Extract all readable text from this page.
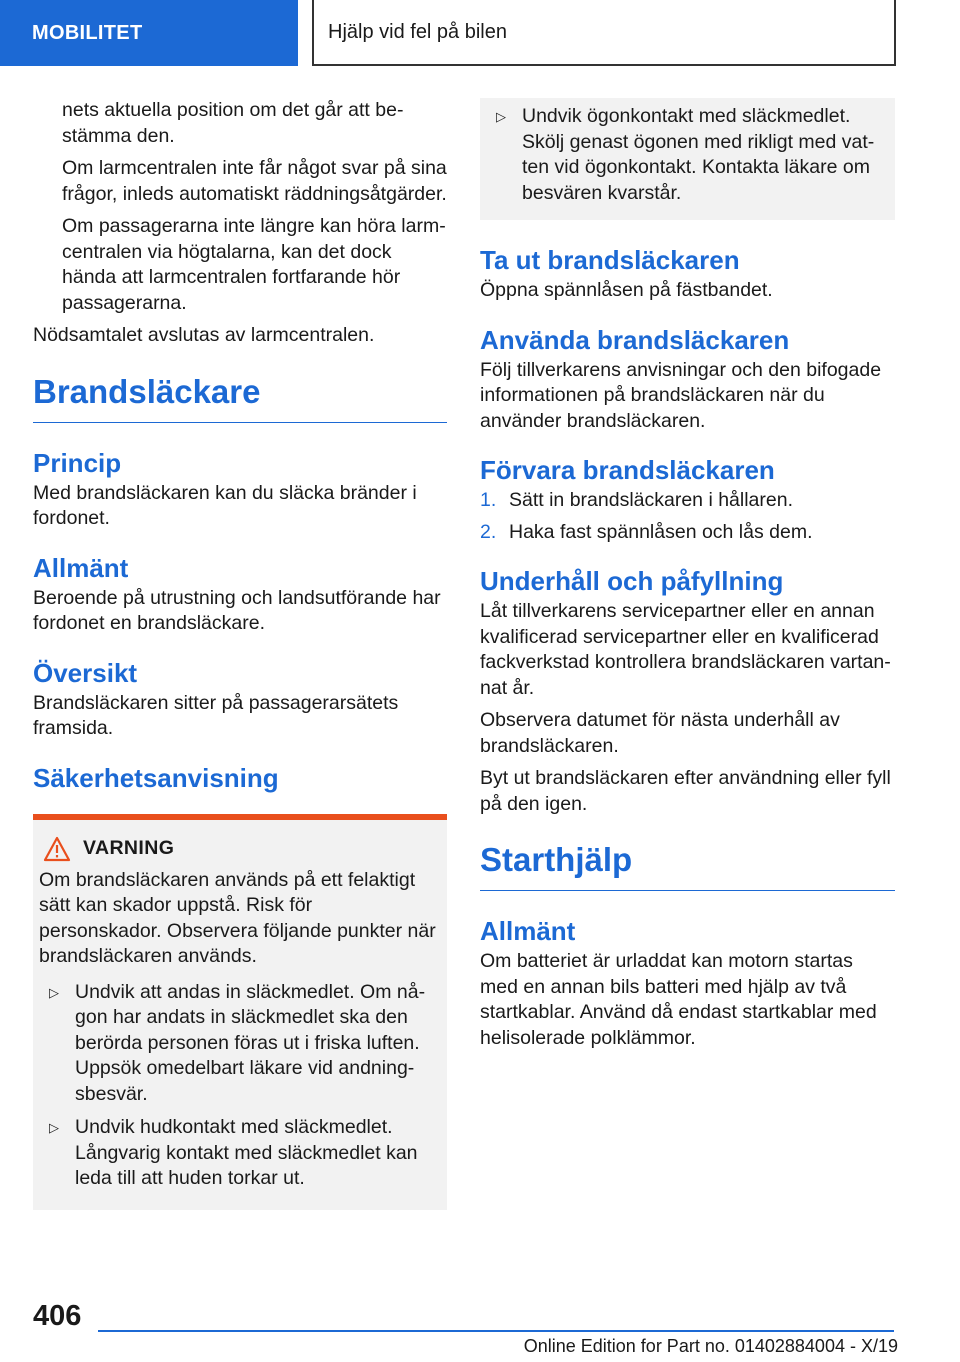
MOBILITET	Hjälp vid fel på bilen

nets aktuella position om det går att bestämma den.

Om larmcentralen inte får något svar på sina frågor, inleds automatiskt räddningsåtgärder.

Om passagerarna inte längre kan höra larmcentralen via högtalarna, kan det dock hända att larmcentralen fortfarande hör passagerarna.

Nödsamtalet avslutas av larmcentralen.

Brandsläckare
Princip

Med brandsläckaren kan du släcka bränder i fordonet.

Allmänt

Beroende på utrustning och landsutförande har fordonet en brandsläckare.

Översikt

Brandsläckaren sitter på passagerarsätets framsida.

Säkerhetsanvisning
VARNING

Om brandsläckaren används på ett felaktigt sätt kan skador uppstå. Risk för personskador. Observera följande punkter när brandsläckaren används.

▷ Undvik att andas in släckmedlet. Om någon har andats in släckmedlet ska den berörda personen föras ut i friska luften. Uppsök omedelbart läkare vid andningsbesvär.
▷ Undvik hudkontakt med släckmedlet. Långvarig kontakt med släckmedlet kan leda till att huden torkar ut.
▷ Undvik ögonkontakt med släckmedlet. Skölj genast ögonen med rikligt med vatten vid ögonkontakt. Kontakta läkare om besvären kvarstår.
Ta ut brandsläckaren

Öppna spännlåsen på fästbandet.

Använda brandsläckaren

Följ tillverkarens anvisningar och den bifogade informationen på brandsläckaren när du använder brandsläckaren.

Förvara brandsläckaren
1. Sätt in brandsläckaren i hållaren.
2. Haka fast spännlåsen och lås dem.
Underhåll och påfyllning

Låt tillverkarens servicepartner eller en annan kvalificerad servicepartner eller en kvalificerad fackverkstad kontrollera brandsläckaren vartannat år.

Observera datumet för nästa underhåll av brandsläckaren.

Byt ut brandsläckaren efter användning eller fyll på den igen.

Starthjälp
Allmänt

Om batteriet är urladdat kan motorn startas med en annan bils batteri med hjälp av två startkablar. Använd då endast startkablar med helisolerade polklämmor.

406
Online Edition for Part no. 01402884004 - X/19
